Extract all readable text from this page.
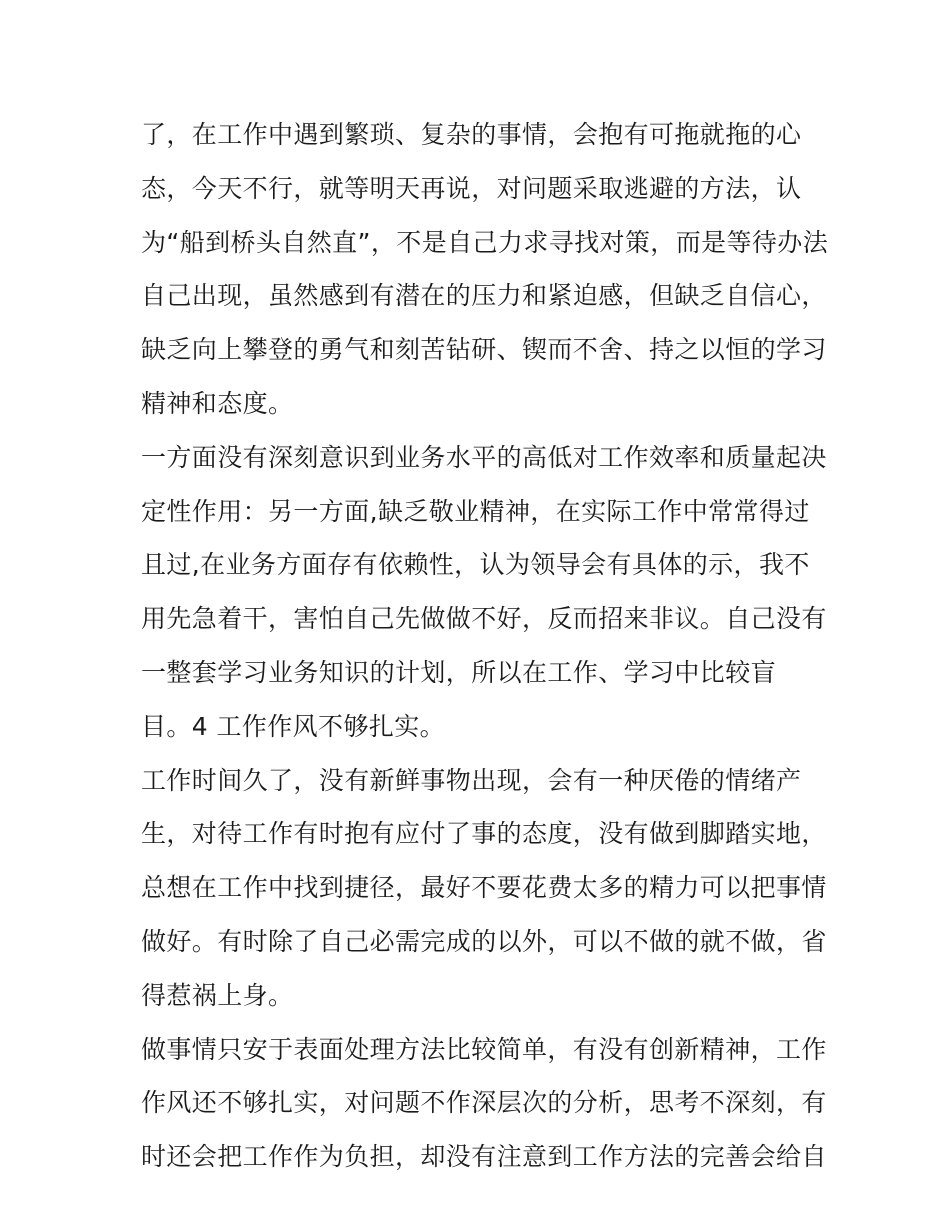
了，在工作中遇到繁琐、复杂的事情，会抱有可拖就拖的心
态，今天不行，就等明天再说，对问题采取逃避的方法，认
为“船到桥头自然直”，不是自己力求寻找对策，而是等待办法
自己出现，虽然感到有潜在的压力和紧迫感，但缺乏自信心，
缺乏向上攀登的勇气和刻苦钻研、锲而不舍、持之以恒的学习
精神和态度。
一方面没有深刻意识到业务水平的高低对工作效率和质量起决
定性作用：另一方面,缺乏敬业精神，在实际工作中常常得过
且过,在业务方面存有依赖性，认为领导会有具体的示，我不
用先急着干，害怕自己先做做不好，反而招来非议。自己没有
一整套学习业务知识的计划，所以在工作、学习中比较盲
目。4 工作作风不够扎实。
工作时间久了，没有新鲜事物出现，会有一种厌倦的情绪产
生，对待工作有时抱有应付了事的态度，没有做到脚踏实地，
总想在工作中找到捷径，最好不要花费太多的精力可以把事情
做好。有时除了自己必需完成的以外，可以不做的就不做，省
得惹祸上身。
做事情只安于表面处理方法比较简单，有没有创新精神，工作
作风还不够扎实，对问题不作深层次的分析，思考不深刻，有
时还会把工作作为负担，却没有注意到工作方法的完善会给自
